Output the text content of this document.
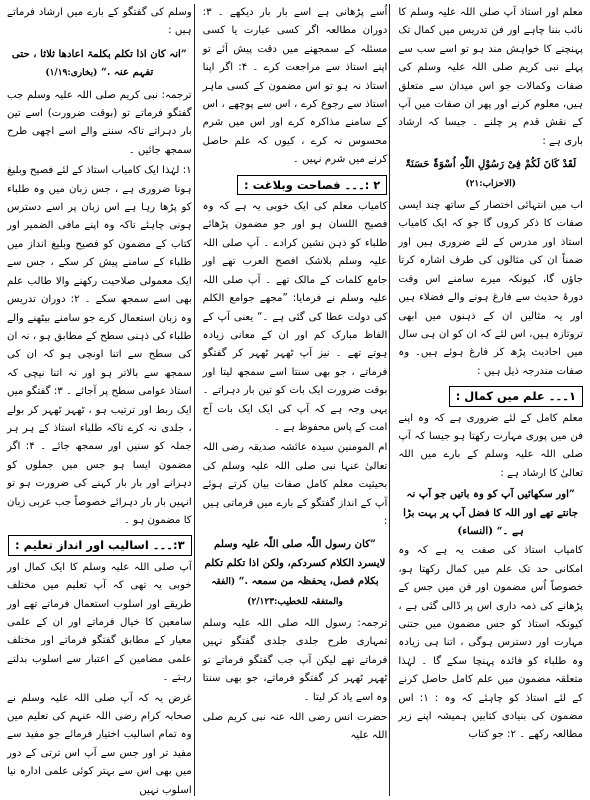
معلم اور استاذ آپ صلی اللہ علیہ وسلم کا نائب بننا چاہے اور فن تدریس میں کمال تک پہنچنے کا خواہش مند ہو تو اسے سب سے پہلے نبی کریم صلی اللہ علیہ وسلم کی صفات وکمالات جو اس میدان سے متعلق ہیں، معلوم کرنے اور پھر ان صفات میں آپ کے نقش قدم پر چلنے ۔ جیسا کہ ارشاد باری ہے :

لَقَدْ کَانَ لَکُمْ فِیْ رَسُوْلِ اللّٰہِ اُسْوَۃٌ حَسَنَۃٌ (الاحزاب:۲۱)

اب میں انتہائی اختصار کے ساتھ چند ایسی صفات کا ذکر کروں گا جو کہ ایک کامیاب استاذ اور مدرس کے لئے ضروری ہیں اور ضمناً ان کی مثالوں کی طرف اشارہ کرتا جاؤں گا، کیونکہ میرے سامنے اس وقت دورۂ حدیث سے فارغ ہونے والے فضلاء ہیں اور یہ مثالیں ان کے ذہنوں میں ابھی تروتازہ ہیں، اس لئے کہ ان کو ان ہی سال میں احادیث پڑھ کر فارغ ہوئے ہیں۔ وہ صفات مندرجہ ذیل ہیں :

۱۔۔۔ علم میں کمال :

معلم کامل کے لئے ضروری ہے کہ وہ اپنے فن میں پوری مہارت رکھتا ہو جیسا کہ آپ صلی اللہ علیہ وسلم کے بارے میں اللہ تعالیٰ کا ارشاد ہے :

”اور سکھائیں آپ کو وہ باتیں جو آپ نہ جانتے تھے اور اللہ کا فضل آپ پر بہت بڑا ہے ۔“ (النساء)

کامیاب استاذ کی صفت یہ ہے کہ وہ امکانی حد تک علم میں کمال رکھتا ہو، خصوصاً اُس مضمون اور فن میں جس کے پڑھانے کی ذمہ داری اس پر ڈالی گئی ہے ، کیونکہ استاذ کو جس مضمون میں جتنی مہارت اور دسترس ہوگی ، اتنا ہی زیادہ وہ طلباء کو فائدہ پہنچا سکے گا ۔ لہٰذا متعلقہ مضمون میں علم کامل حاصل کرنے کے لئے استاذ کو چاہئے کہ وہ : ۱: اس مضمون کی بنیادی کتابیں ہمیشہ اپنے زیر مطالعہ رکھے ۔ ۲: جو کتاب

اُسے پڑھانی ہے اسے بار بار دیکھے ۔ ۳: دوران مطالعہ اگر کسی عبارت یا کسی مسئلہ کے سمجھنے میں دقت پیش آئے تو اپنے استاذ سے مراجعت کرے ۔ ۴: اگر اپنا استاذ نہ ہو تو اس مضمون کے کسی ماہر استاذ سے رجوع کرے ، اس سے پوچھے ، اس کے سامنے مذاکرہ کرے اور اس میں شرم محسوس نہ کرے ، کیوں کہ علم حاصل کرنے میں شرم نہیں ۔

۲ :۔۔۔ فصاحت وبلاغت :

کامیاب معلم کی ایک خوبی یہ ہے کہ وہ فصیح اللسان ہو اور جو مضمون پڑھائے طلباء کو ذہن نشین کرادے ۔ آپ صلی اللہ علیہ وسلم بلاشک افصح العرب تھے اور جامع کلمات کے مالک تھے ۔ آپ صلی اللہ علیہ وسلم نے فرمایا: ”مجھے جوامع الکلم کی دولت عطا کی گئی ہے ۔“ یعنی آپ کے الفاظ مبارک کم اور ان کے معانی زیادہ ہوتے تھے ۔ نیز آپ ٹھہر ٹھہر کر گفتگو فرماتے ، جو بھی سنتا اسے سمجھ لیتا اور بوقت ضرورت ایک بات کو تین بار دہراتے ۔ یہی وجہ ہے کہ آپ کی ایک ایک بات آج امت کے پاس محفوظ ہے ۔

ام المومنین سیدہ عائشہ صدیقہ رضی اللہ تعالیٰ عنہا نبی صلی اللہ علیہ وسلم کی بحیثیت معلم کامل صفات بیان کرتے ہوئے آپ کے انداز گفتگو کے بارے میں فرماتی ہیں :

”کان رسول اللّٰہ صلی اللّٰہ علیہ وسلم لایسرد الکلام کسردکم، ولکن اذا تکلم تکلم بکلام فصل، یحفظہ من سمعہ .“ (الفقہ والمتفقہ للخطیب:۲/۱۲۳)

ترجمہ: رسول اللہ صلی اللہ علیہ وسلم تمہاری طرح جلدی جلدی گفتگو نہیں فرماتے تھے لیکن آپ جب گفتگو فرماتے تو ٹھہر ٹھہر کر گفتگو فرماتے، جو بھی سنتا وہ اسے یاد کر لیتا ۔

حضرت انس رضی اللہ عنہ نبی کریم صلی اللہ علیہ

وسلم کی گفتگو کے بارے میں ارشاد فرماتے ہیں :

”انہ کان اذا تکلم بکلمۃ اعادھا ثلاثا ، حتی تفہم عنہ .“ (بخاری:۱/۱۹)

ترجمہ: نبی کریم صلی اللہ علیہ وسلم جب گفتگو فرماتے تو (بوقت ضرورت) اسے تین بار دہراتے تاکہ سننے والے اسے اچھی طرح سمجھ جائیں ۔

۱: لہٰذا ایک کامیاب استاذ کے لئے فصیح وبلیغ ہونا ضروری ہے ، جس زبان میں وہ طلباء کو پڑھا رہا ہے اس زبان پر اسے دسترس ہونی چاہئے تاکہ وہ اپنے مافی الضمیر اور کتاب کے مضمون کو فصیح وبلیغ انداز میں طلباء کے سامنے پیش کر سکے ، جس سے ایک معمولی صلاحیت رکھنے والا طالب علم بھی اسے سمجھ سکے ۔ ۲: دوران تدریس وہ زبان استعمال کرے جو سامنے بیٹھنے والے طلباء کی ذہنی سطح کے مطابق ہو ، نہ ان کی سطح سے اتنا اونچی ہو کہ ان کی سمجھ سے بالاتر ہو اور نہ اتنا نیچی کہ استاذ عوامی سطح پر آجائے ۔ ۳: گفتگو میں ایک ربط اور ترتیب ہو ، ٹھہر ٹھہر کر بولے ، جلدی نہ کرے تاکہ طلباء استاذ کے ہر ہر جملہ کو سنیں اور سمجھ جائے ۔ ۴: اگر مضمون ایسا ہو جس میں جملوں کو دہرانے اور بار بار کہنے کی ضرورت ہو تو انہیں بار بار دہرائے خصوصاً جب عربی زبان کا مضمون ہو ۔

۳:۔۔۔ اسالیب اور انداز تعلیم :

آپ صلی اللہ علیہ وسلم کا ایک کمال اور خوبی یہ تھی کہ آپ تعلیم میں مختلف طریقے اور اسلوب استعمال فرماتے تھے اور سامعین کا خیال فرماتے اور ان کے علمی معیار کے مطابق گفتگو فرماتے اور مختلف علمی مضامین کے اعتبار سے اسلوب بدلتے رہتے ۔

غرض یہ کہ آپ صلی اللہ علیہ وسلم نے صحابہ کرام رضی اللہ عنہم کی تعلیم میں وہ تمام اسالیب اختیار فرمائے جو مفید سے مفید تر اور جس سے آپ اس ترتی کے دور میں بھی اس سے بہتر کوئی علمی ادارہ نیا اسلوب نہیں
